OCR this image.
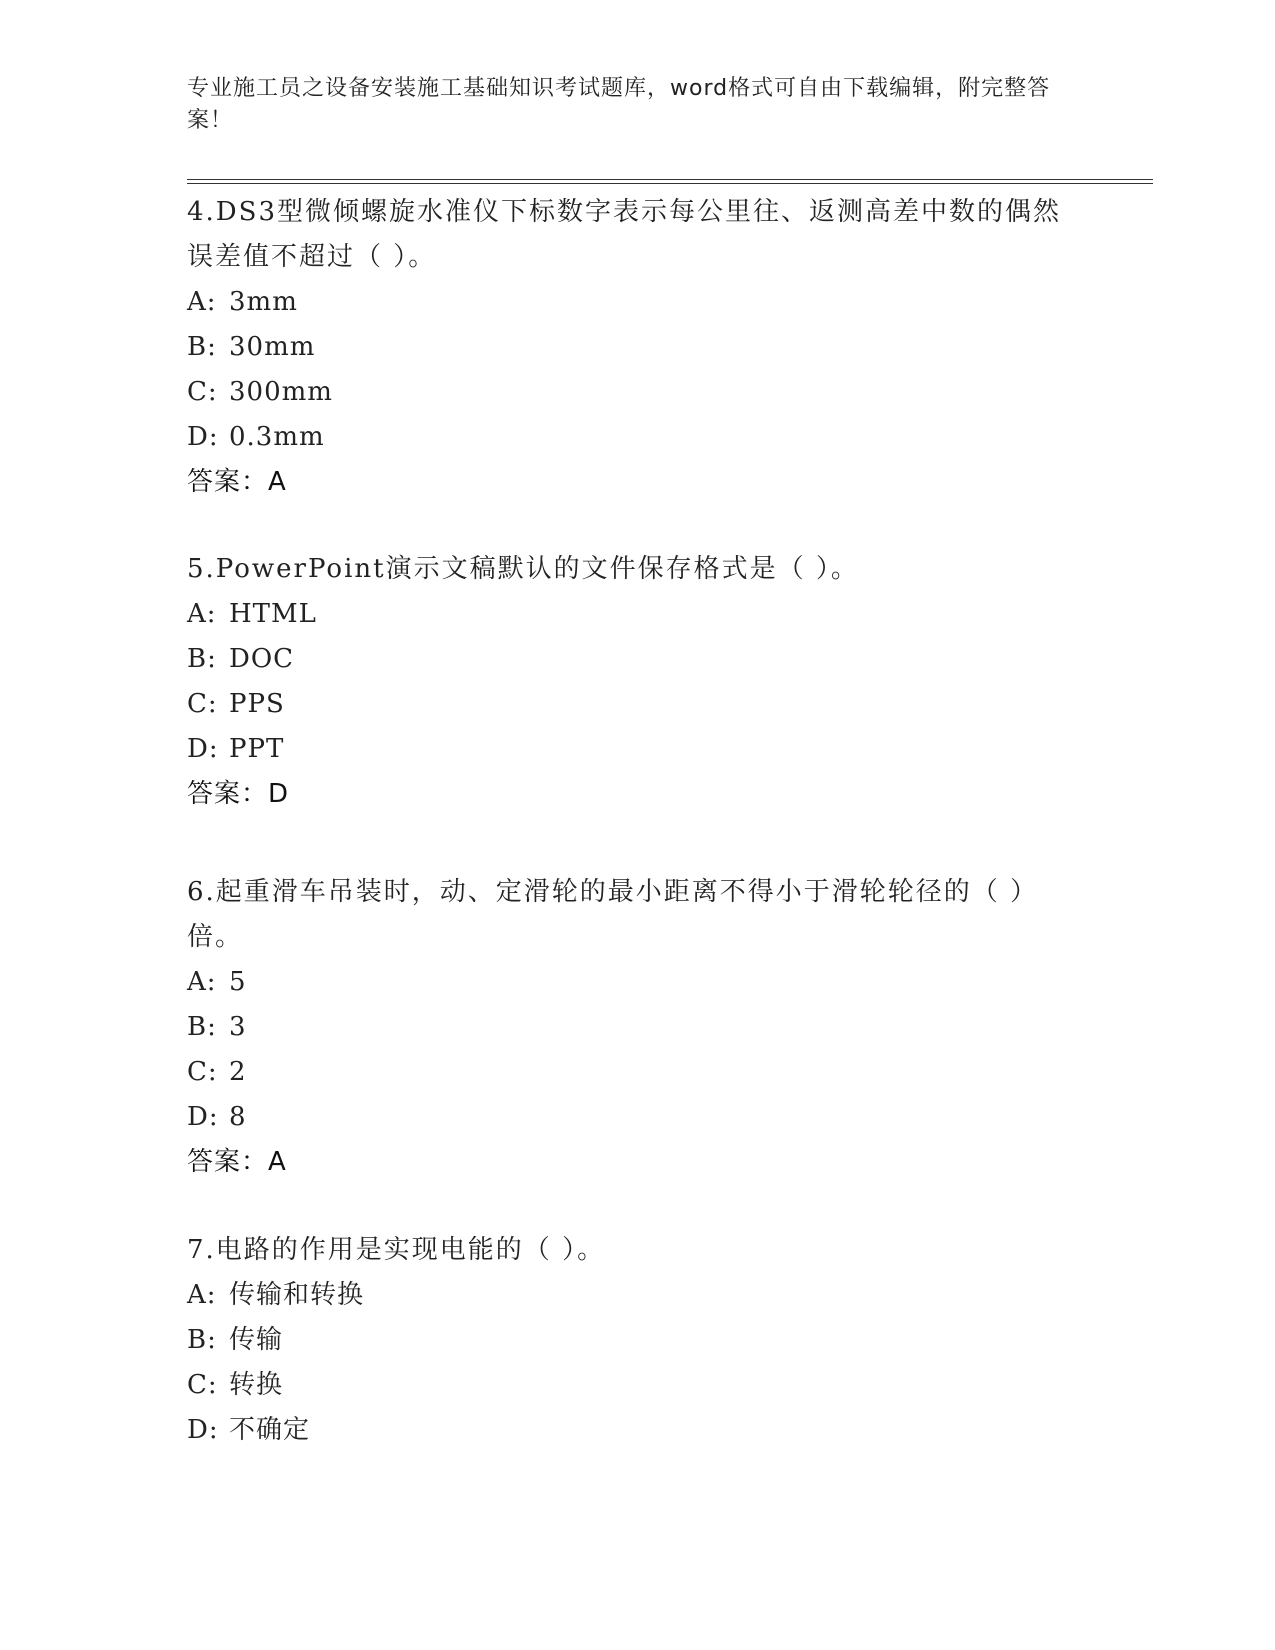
专业施工员之设备安装施工基础知识考试题库，word格式可自由下载编辑，附完整答案！
4.DS3型微倾螺旋水准仪下标数字表示每公里往、返测高差中数的偶然误差值不超过（ ）。
A: 3mm
B: 30mm
C: 300mm
D: 0.3mm
答案：A
5.PowerPoint演示文稿默认的文件保存格式是（ ）。
A: HTML
B: DOC
C: PPS
D: PPT
答案：D
6.起重滑车吊装时，动、定滑轮的最小距离不得小于滑轮轮径的（ ）倍。
A: 5
B: 3
C: 2
D: 8
答案：A
7.电路的作用是实现电能的（ ）。
A: 传输和转换
B: 传输
C: 转换
D: 不确定
